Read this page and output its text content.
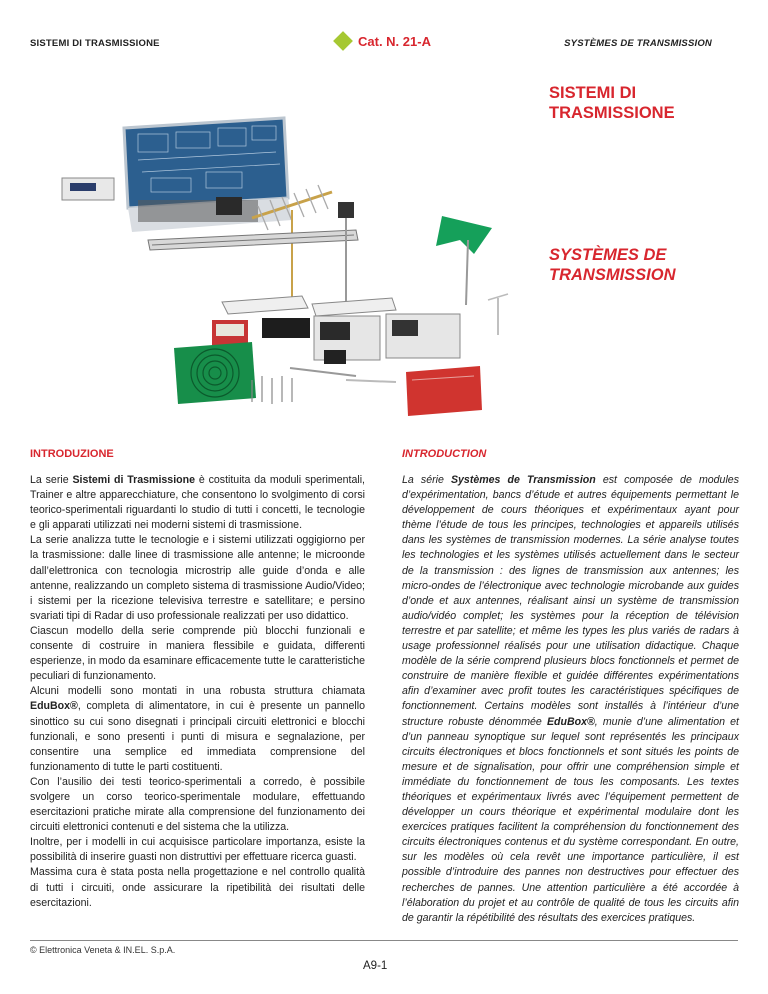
SISTEMI DI TRASMISSIONE	Cat. N. 21-A	SYSTÈMES DE TRANSMISSION
SISTEMI DI
TRASMISSIONE
SYSTÈMES DE
TRANSMISSION
INTRODUZIONE	INTRODUCTION
La serie Sistemi di Trasmissione è costituita da moduli sperimentali, Trainer e altre apparecchiature, che consentono lo svolgimento di corsi teorico-sperimentali riguardanti lo studio di tutti i concetti, le tecnologie e gli apparati utilizzati nei moderni sistemi di trasmissione.
La serie analizza tutte le tecnologie e i sistemi utilizzati oggigiorno per la trasmissione: dalle linee di trasmissione alle antenne; le microonde dall’elettronica con tecnologia microstrip alle guide d’onda e alle antenne, realizzando un completo sistema di trasmissione Audio/Video; i sistemi per la ricezione televisiva terrestre e satellitare; e persino svariati tipi di Radar di uso professionale realizzati per uso didattico.
Ciascun modello della serie comprende più blocchi funzionali e consente di costruire in maniera flessibile e guidata, differenti esperienze, in modo da esaminare efficacemente tutte le caratteristiche peculiari di funzionamento.
Alcuni modelli sono montati in una robusta struttura chiamata EduBox®, completa di alimentatore, in cui è presente un pannello sinottico su cui sono disegnati i principali circuiti elettronici e blocchi funzionali, e sono presenti i punti di misura e segnalazione, per consentire una semplice ed immediata comprensione del funzionamento di tutte le parti costituenti.
Con l’ausilio dei testi teorico-sperimentali a corredo, è possibile svolgere un corso teorico-sperimentale modulare, effettuando esercitazioni pratiche mirate alla comprensione del funzionamento dei circuiti elettronici contenuti e del sistema che la utilizza.
Inoltre, per i modelli in cui acquisisce particolare importanza, esiste la possibilità di inserire guasti non distruttivi per effettuare ricerca guasti.
Massima cura è stata posta nella progettazione e nel controllo qualità di tutti i circuiti, onde assicurare la ripetibilità dei risultati delle esercitazioni.
La série Systèmes de Transmission est composée de modules d’expérimentation, bancs d’étude et autres équipements permettant le développement de cours théoriques et expérimentaux ayant pour thème l’étude de tous les principes, technologies et appareils utilisés dans les systèmes de transmission modernes. La série analyse toutes les technologies et les systèmes utilisés actuellement dans le secteur de la transmission : des lignes de transmission aux antennes; les micro-ondes de l’électronique avec technologie microbande aux guides d’onde et aux antennes, réalisant ainsi un système de transmission audio/vidéo complet; les systèmes pour la réception de télévision terrestre et par satellite; et même les types les plus variés de radars à usage professionnel réalisés pour une utilisation didactique. Chaque modèle de la série comprend plusieurs blocs fonctionnels et permet de construire de manière flexible et guidée différentes expérimentations afin d’examiner avec profit toutes les caractéristiques spécifiques de fonctionnement. Certains modèles sont installés à l’intérieur d’une structure robuste dénommée EduBox®, munie d’une alimentation et d’un panneau synoptique sur lequel sont représentés les principaux circuits électroniques et blocs fonctionnels et sont situés les points de mesure et de signalisation, pour offrir une compréhension simple et immédiate du fonctionnement de tous les composants. Les textes théoriques et expérimentaux livrés avec l’équipement permettent de développer un cours théorique et expérimental modulaire dont les exercices pratiques facilitent la compréhension du fonctionnement des circuits électroniques contenus et du système correspondant. En outre, sur les modèles où cela revêt une importance particulière, il est possible d’introduire des pannes non destructives pour effectuer des recherches de pannes. Une attention particulière a été accordée à l’élaboration du projet et au contrôle de qualité de tous les circuits afin de garantir la répétibilité des résultats des exercices pratiques.
© Elettronica Veneta & IN.EL. S.p.A.
A9-1
